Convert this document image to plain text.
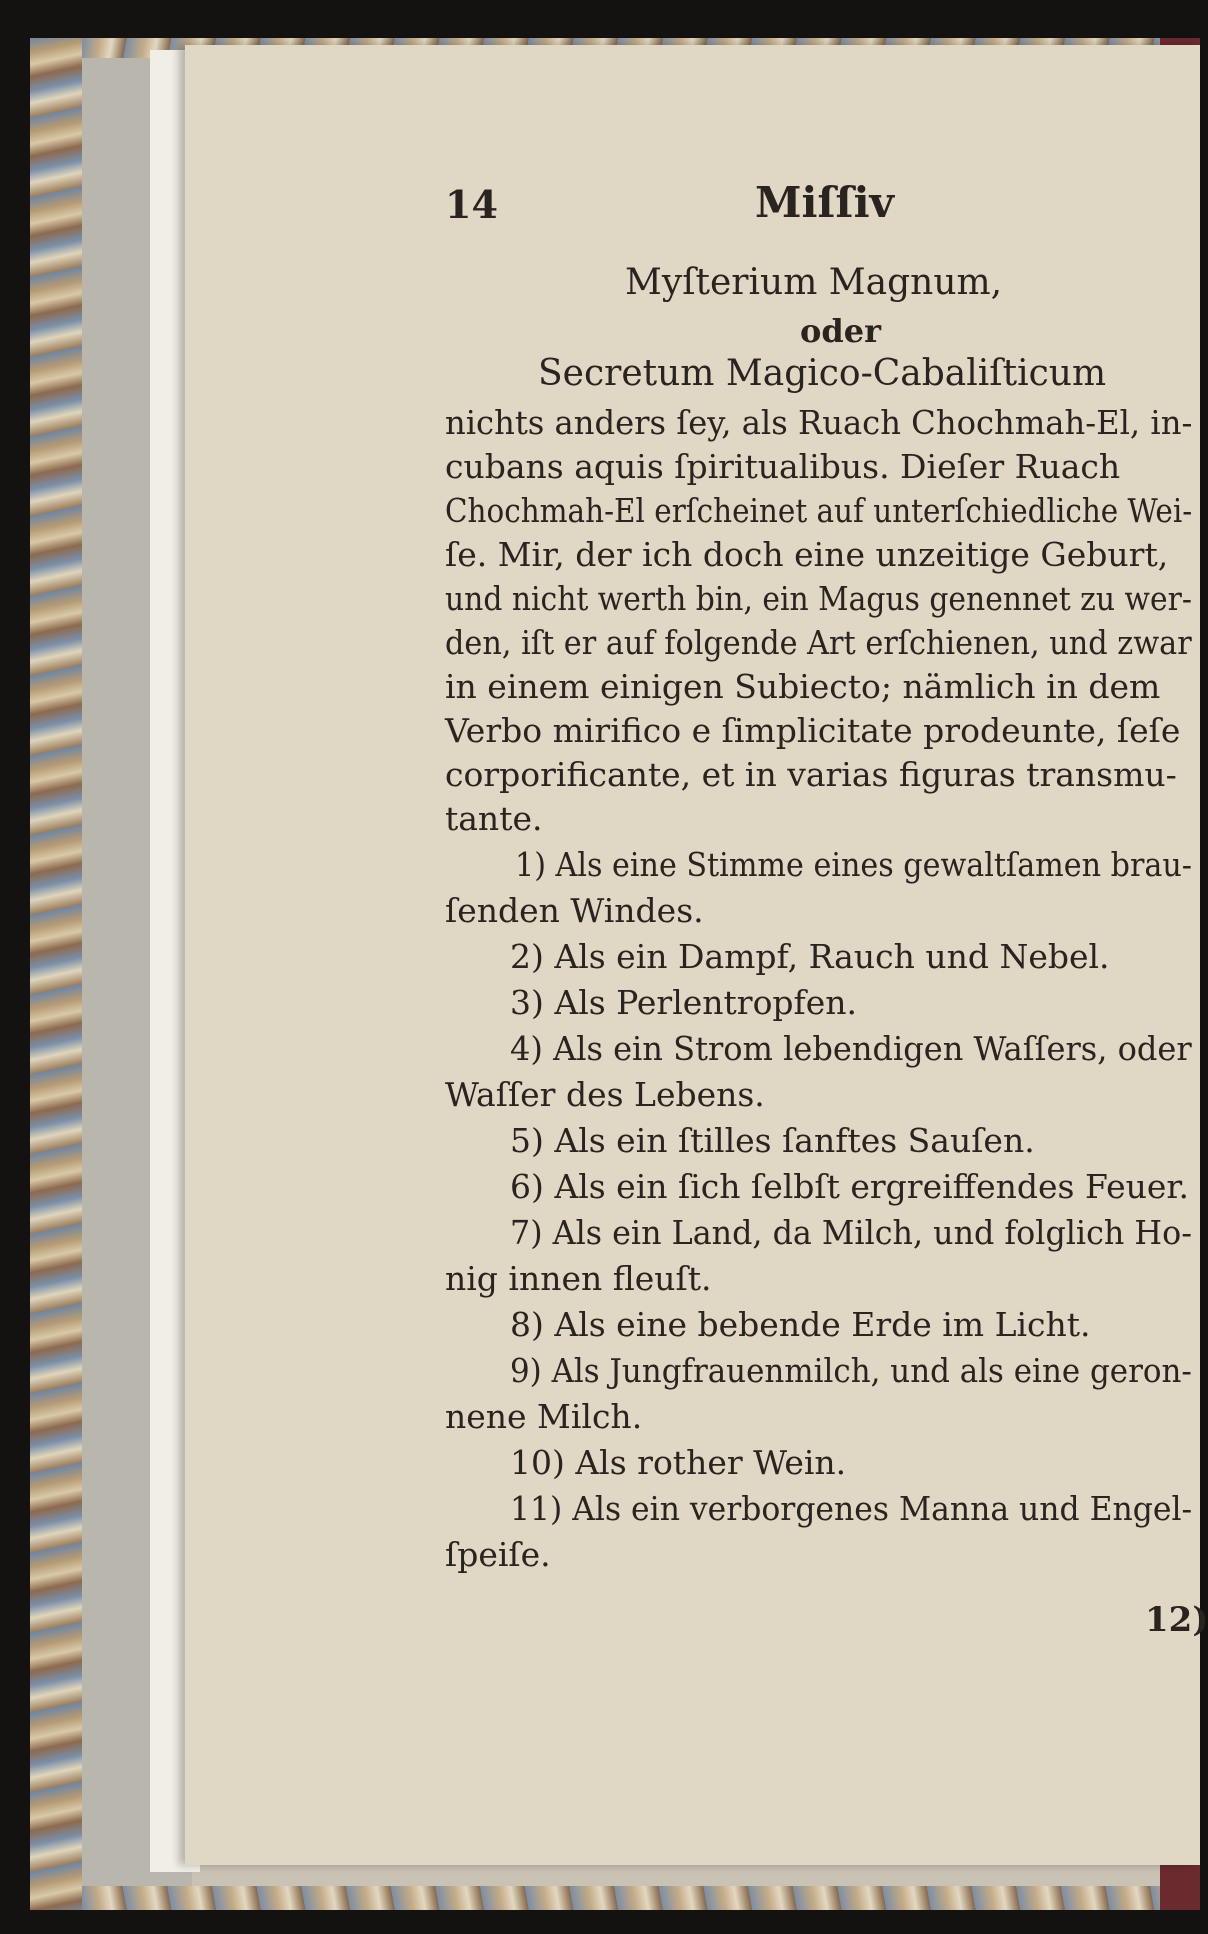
14	Miſſiv
Myſterium Magnum,
oder
Secretum Magico-Cabaliſticum
nichts anders ſey, als Ruach Chochmah-El, in-
cubans aquis ſpiritualibus. Dieſer Ruach
Chochmah-El erſcheinet auf unterſchiedliche Wei-
ſe. Mir, der ich doch eine unzeitige Geburt,
und nicht werth bin, ein Magus genennet zu wer-
den, iſt er auf folgende Art erſchienen, und zwar
in einem einigen Subiecto; nämlich in dem
Verbo mirifico e ſimplicitate prodeunte, ſeſe
corporificante, et in varias figuras transmu-
tante.
1) Als eine Stimme eines gewaltſamen brau-
ſenden Windes.
2) Als ein Dampf, Rauch und Nebel.
3) Als Perlentropfen.
4) Als ein Strom lebendigen Waſſers, oder
Waſſer des Lebens.
5) Als ein ſtilles ſanftes Sauſen.
6) Als ein ſich ſelbſt ergreiffendes Feuer.
7) Als ein Land, da Milch, und folglich Ho-
nig innen fleuſt.
8) Als eine bebende Erde im Licht.
9) Als Jungfrauenmilch, und als eine geron-
nene Milch.
10) Als rother Wein.
11) Als ein verborgenes Manna und Engel-
ſpeiſe.
12)
